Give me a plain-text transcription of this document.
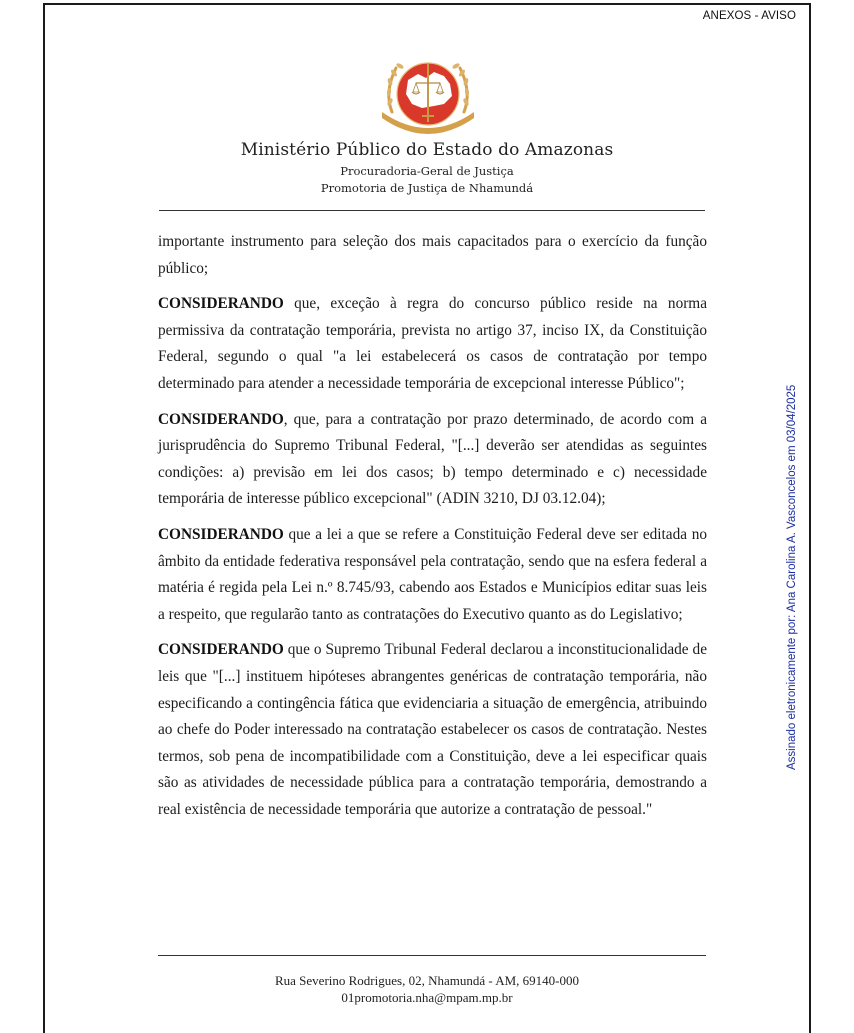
ANEXOS - AVISO
Assinado eletronicamente por: Ana Carolina A. Vasconcelos em 03/04/2025
Ministério Público do Estado do Amazonas
Procuradoria-Geral de Justiça
Promotoria de Justiça de Nhamundá

importante instrumento para seleção dos mais capacitados para o exercício da função público;

CONSIDERANDO que, exceção à regra do concurso público reside na norma permissiva da contratação temporária, prevista no artigo 37, inciso IX, da Constituição Federal, segundo o qual "a lei estabelecerá os casos de contratação por tempo determinado para atender a necessidade temporária de excepcional interesse Público";

CONSIDERANDO, que, para a contratação por prazo determinado, de acordo com a jurisprudência do Supremo Tribunal Federal, "[...] deverão ser atendidas as seguintes condições: a) previsão em lei dos casos; b) tempo determinado e c) necessidade temporária de interesse público excepcional" (ADIN 3210, DJ 03.12.04);

CONSIDERANDO que a lei a que se refere a Constituição Federal deve ser editada no âmbito da entidade federativa responsável pela contratação, sendo que na esfera federal a matéria é regida pela Lei n.º 8.745/93, cabendo aos Estados e Municípios editar suas leis a respeito, que regularão tanto as contratações do Executivo quanto as do Legislativo;

CONSIDERANDO que o Supremo Tribunal Federal declarou a inconstitucionalidade de leis que "[...] instituem hipóteses abrangentes genéricas de contratação temporária, não especificando a contingência fática que evidenciaria a situação de emergência, atribuindo ao chefe do Poder interessado na contratação estabelecer os casos de contratação. Nestes termos, sob pena de incompatibilidade com a Constituição, deve a lei especificar quais são as atividades de necessidade pública para a contratação temporária, demostrando a real existência de necessidade temporária que autorize a contratação de pessoal."

Rua Severino Rodrigues, 02, Nhamundá - AM, 69140-000
01promotoria.nha@mpam.mp.br
